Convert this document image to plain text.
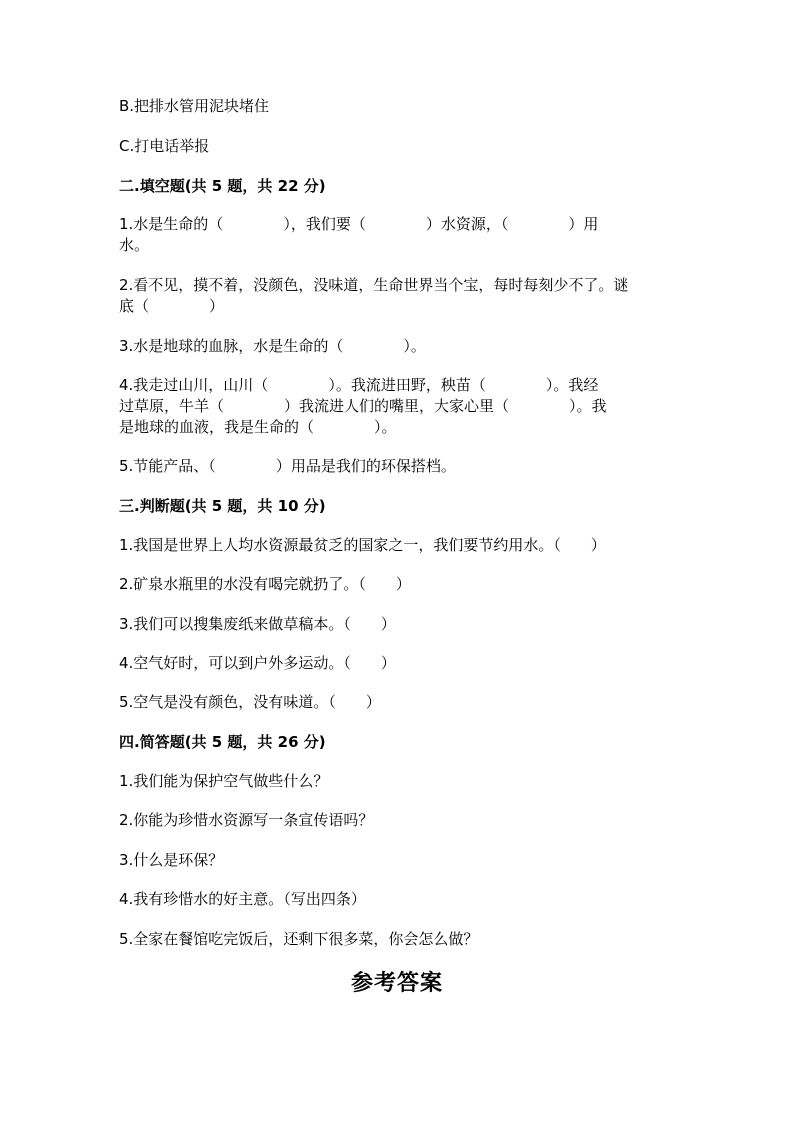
B.把排水管用泥块堵住
C.打电话举报
二.填空题(共 5 题，共 22 分)
1.水是生命的（　　　　），我们要（　　　　）水资源，（　　　　）用
水。
2.看不见，摸不着，没颜色，没味道，生命世界当个宝，每时每刻少不了。谜
底（　　　　）
3.水是地球的血脉，水是生命的（　　　　）。
4.我走过山川，山川（　　　　）。我流进田野，秧苗（　　　　）。我经
过草原，牛羊（　　　　）我流进人们的嘴里，大家心里（　　　　）。我
是地球的血液，我是生命的（　　　　）。
5.节能产品、（　　　　）用品是我们的环保搭档。
三.判断题(共 5 题，共 10 分)
1.我国是世界上人均水资源最贫乏的国家之一，我们要节约用水。（　　）
2.矿泉水瓶里的水没有喝完就扔了。（　　）
3.我们可以搜集废纸来做草稿本。（　　）
4.空气好时，可以到户外多运动。（　　）
5.空气是没有颜色，没有味道。（　　）
四.简答题(共 5 题，共 26 分)
1.我们能为保护空气做些什么？
2.你能为珍惜水资源写一条宣传语吗？
3.什么是环保？
4.我有珍惜水的好主意。（写出四条）
5.全家在餐馆吃完饭后，还剩下很多菜，你会怎么做？
参考答案
